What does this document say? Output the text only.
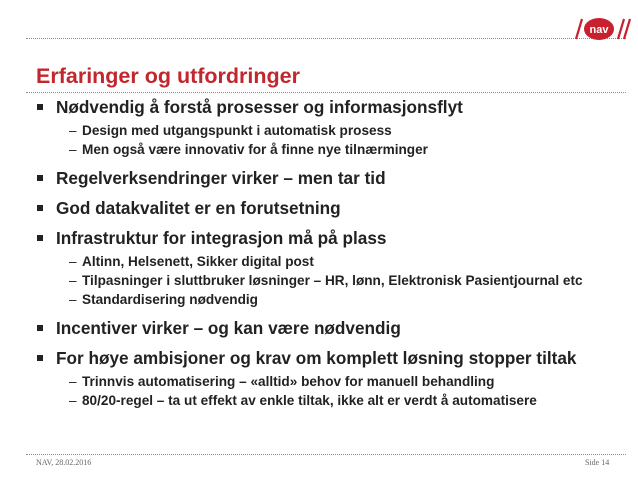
nav
Erfaringer og utfordringer
Nødvendig å forstå prosesser og informasjonsflyt
– Design med utgangspunkt i automatisk prosess
– Men også være innovativ for å finne nye tilnærminger
Regelverksendringer virker – men tar tid
God datakvalitet er en forutsetning
Infrastruktur for integrasjon må på plass
– Altinn, Helsenett, Sikker digital post
– Tilpasninger i sluttbruker løsninger – HR, lønn, Elektronisk Pasientjournal etc
– Standardisering nødvendig
Incentiver virker – og kan være nødvendig
For høye ambisjoner og krav om komplett løsning stopper tiltak
– Trinnvis automatisering – «alltid» behov for manuell behandling
– 80/20-regel – ta ut effekt av enkle tiltak, ikke alt er verdt å automatisere
NAV, 28.02.2016	Side 14
